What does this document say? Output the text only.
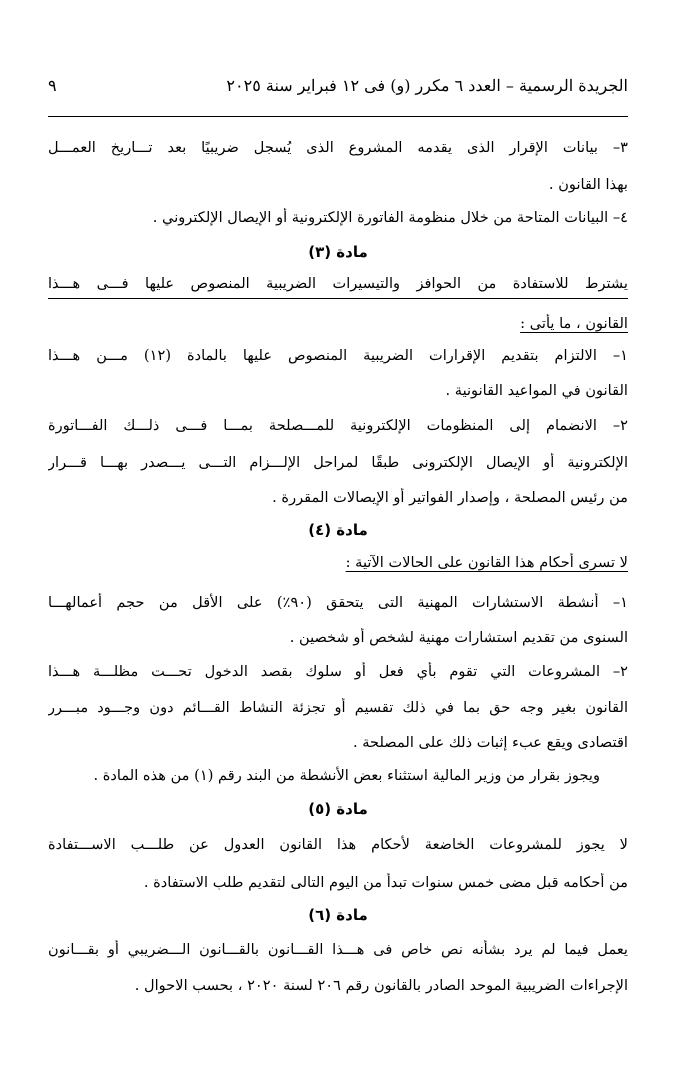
الجريدة الرسمية – العدد ٦ مكرر (و) فى ١٢ فبراير سنة ٢٠٢٥
٩
٣– بيانات الإقرار الذى يقدمه المشروع الذى يُسجل ضريبيًا بعد تـــاريخ العمـــل
بهذا القانون .
٤– البيانات المتاحة من خلال منظومة الفاتورة الإلكترونية أو الإيصال الإلكتروني .
مادة (٣)
يشترط للاستفادة من الحوافز والتيسيرات الضريبية المنصوص عليها فـــى هـــذا
القانون ، ما يأتى :
١– الالتزام بتقديم الإقرارات الضريبية المنصوص عليها بالمادة (١٢) مـــن هـــذا
القانون في المواعيد القانونية .
٢– الانضمام إلى المنظومات الإلكترونية للمـــصلحة بمـــا فـــى ذلـــك الفـــاتورة
الإلكترونية أو الإيصال الإلكترونى طبقًا لمراحل الإلـــزام التـــى يـــصدر بهـــا قـــرار
من رئيس المصلحة ، وإصدار الفواتير أو الإيصالات المقررة .
مادة (٤)
لا تسرى أحكام هذا القانون على الحالات الآتية :
١– أنشطة الاستشارات المهنية التى يتحقق (٩٠٪) على الأقل من حجم أعمالهـــا
السنوى من تقديم استشارات مهنية لشخص أو شخصين .
٢– المشروعات التي تقوم بأي فعل أو سلوك بقصد الدخول تحـــت مظلـــة هـــذا
القانون بغير وجه حق بما في ذلك تقسيم أو تجزئة النشاط القـــائم دون وجـــود مبـــرر
اقتصادى ويقع عبء إثبات ذلك على المصلحة .
ويجوز بقرار من وزير المالية استثناء بعض الأنشطة من البند رقم (١) من هذه المادة .
مادة (٥)
لا يجوز للمشروعات الخاضعة لأحكام هذا القانون العدول عن طلـــب الاســـتفادة
من أحكامه قبل مضى خمس سنوات تبدأ من اليوم التالى لتقديم طلب الاستفادة .
مادة (٦)
يعمل فيما لم يرد بشأنه نص خاص فى هـــذا القـــانون بالقـــانون الـــضريبي أو بقـــانون
الإجراءات الضريبية الموحد الصادر بالقانون رقم ٢٠٦ لسنة ٢٠٢٠ ، بحسب الاحوال .
